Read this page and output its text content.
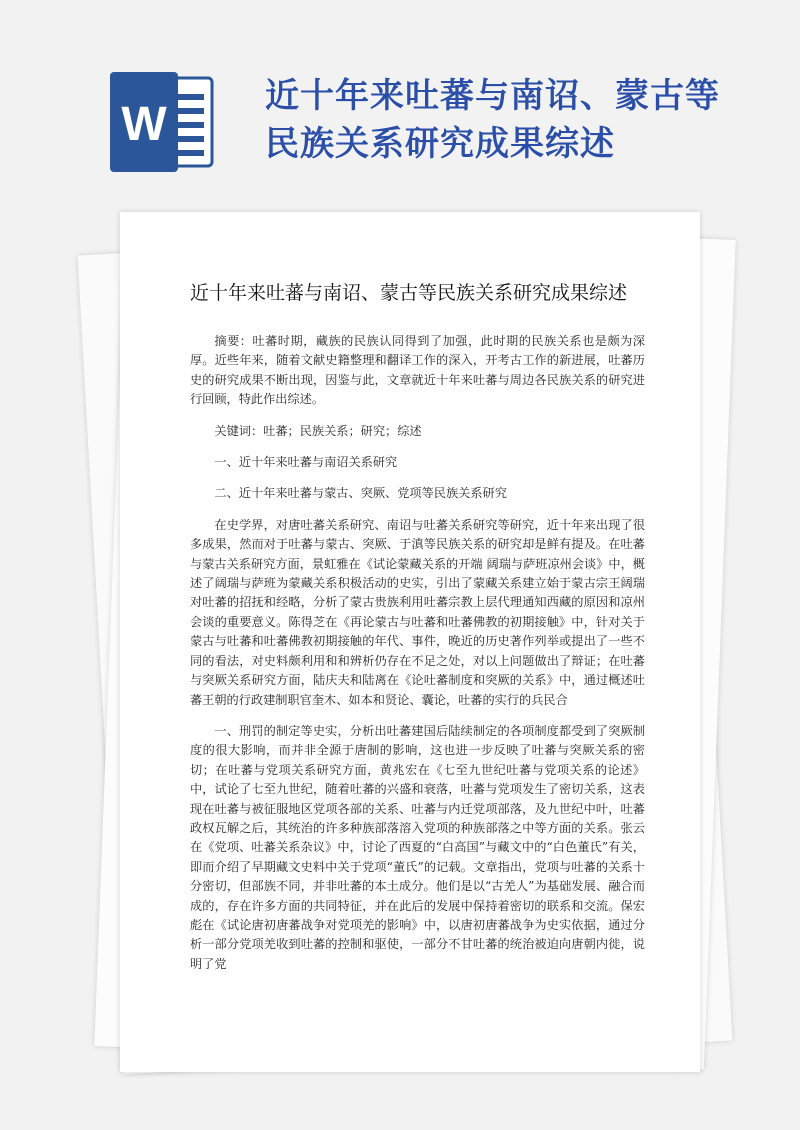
W
近十年来吐蕃与南诏、蒙古等民族关系研究成果综述
近十年来吐蕃与南诏、蒙古等民族关系研究成果综述

摘要：吐蕃时期，藏族的民族认同得到了加强，此时期的民族关系也是颇为深厚。近些年来，随着文献史籍整理和翻译工作的深入，开考古工作的新进展，吐蕃历史的研究成果不断出现，因鉴与此，文章就近十年来吐蕃与周边各民族关系的研究进行回顾，特此作出综述。

关键词：吐蕃；民族关系；研究；综述

一、近十年来吐蕃与南诏关系研究

二、近十年来吐蕃与蒙古、突厥、党项等民族关系研究

在史学界，对唐吐蕃关系研究、南诏与吐蕃关系研究等研究，近十年来出现了很多成果，然而对于吐蕃与蒙古、突厥、于滇等民族关系的研究却是鲜有提及。在吐蕃与蒙古关系研究方面，景虹雅在《试论蒙藏关系的开端 阔瑞与萨班凉州会谈》中，概述了阔瑞与萨班为蒙藏关系积极活动的史实，引出了蒙藏关系建立始于蒙古宗王阔瑞对吐蕃的招抚和经略，分析了蒙古贵族利用吐蕃宗教上层代理通知西藏的原因和凉州会谈的重要意义。陈得芝在《再论蒙古与吐蕃和吐蕃佛教的初期接触》中，针对关于蒙古与吐蕃和吐蕃佛教初期接触的年代、事件，晚近的历史著作列举或提出了一些不同的看法，对史料颇利用和和辨析仍存在不足之处，对以上问题做出了辩证；在吐蕃与突厥关系研究方面，陆庆夫和陆离在《论吐蕃制度和突厥的关系》中，通过概述吐蕃王朝的行政建制职官奎木、如本和贤论、囊论，吐蕃的实行的兵民合

一、刑罚的制定等史实，分析出吐蕃建国后陆续制定的各项制度都受到了突厥制度的很大影响，而并非全源于唐制的影响，这也进一步反映了吐蕃与突厥关系的密切；在吐蕃与党项关系研究方面，黄兆宏在《七至九世纪吐蕃与党项关系的论述》中，试论了七至九世纪，随着吐蕃的兴盛和衰落，吐蕃与党项发生了密切关系，这表现在吐蕃与被征服地区党项各部的关系、吐蕃与内迁党项部落，及九世纪中叶，吐蕃政权瓦解之后，其统治的许多种族部落溶入党项的种族部落之中等方面的关系。张云在《党项、吐蕃关系杂议》中，讨论了西夏的“白高国”与藏文中的“白色董氏”有关，即而介绍了早期藏文史料中关于党项“董氏”的记载。文章指出，党项与吐蕃的关系十分密切，但部族不同，并非吐蕃的本土成分。他们是以“古羌人”为基础发展、融合而成的，存在许多方面的共同特征，并在此后的发展中保持着密切的联系和交流。保宏彪在《试论唐初唐蕃战争对党项羌的影响》中，以唐初唐蕃战争为史实依据，通过分析一部分党项羌收到吐蕃的控制和驱使，一部分不甘吐蕃的统治被迫向唐朝内徙，说明了党
